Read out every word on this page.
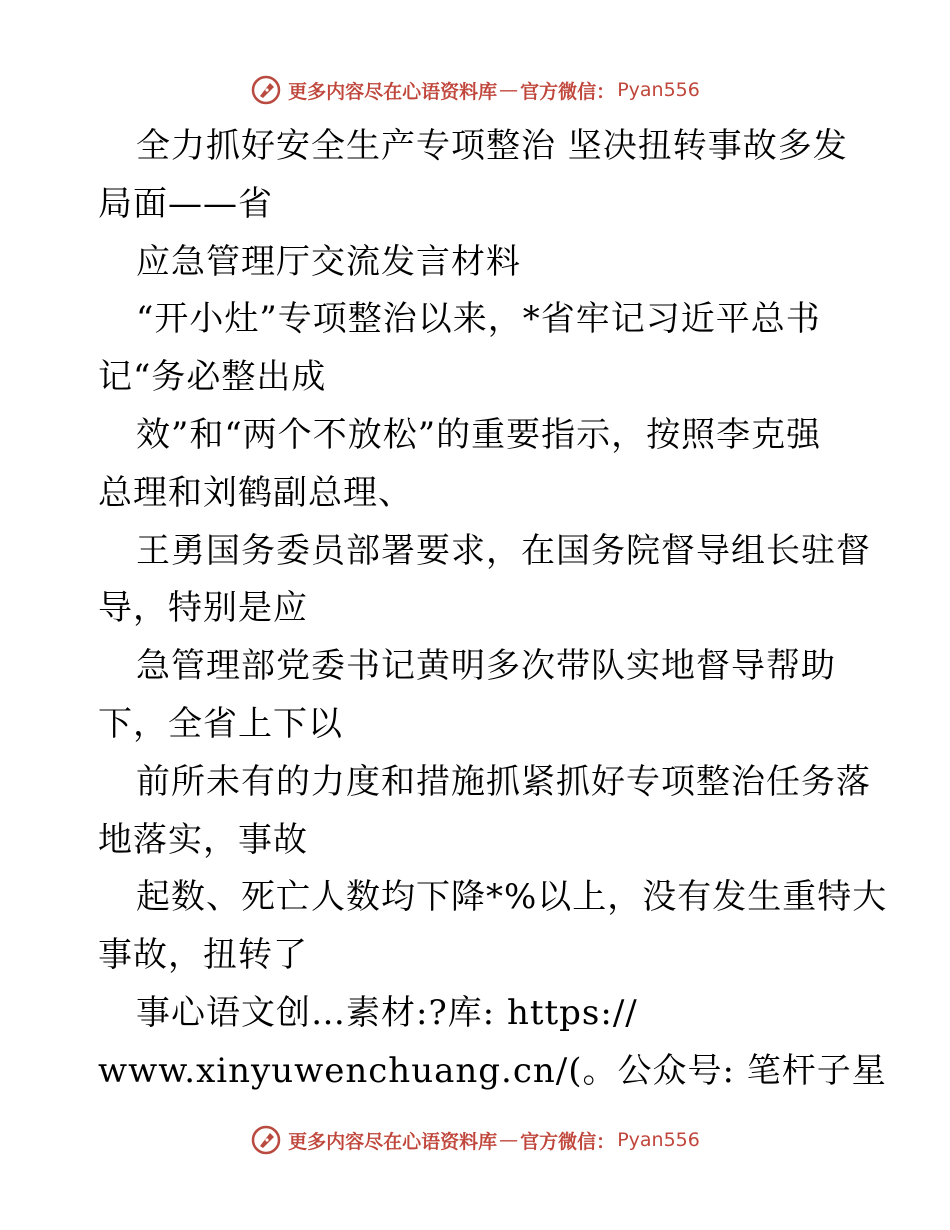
更多内容尽在心语资料库 — 官方微信： Pyan556
全力抓好安全生产专项整治 坚决扭转事故多发
局面——省
应急管理厅交流发言材料
“开小灶”专项整治以来，*省牢记习近平总书
记“务必整出成
效”和“两个不放松”的重要指示，按照李克强
总理和刘鹤副总理、
王勇国务委员部署要求，在国务院督导组长驻督
导，特别是应
急管理部党委书记黄明多次带队实地督导帮助
下，全省上下以
前所未有的力度和措施抓紧抓好专项整治任务落
地落实，事故
起数、死亡人数均下降*%以上，没有发生重特大
事故，扭转了
事心语文创…素材:?库: https://
www.xinyuwenchuang.cn/(。公众号: 笔杆子星
更多内容尽在心语资料库 — 官方微信： Pyan556
